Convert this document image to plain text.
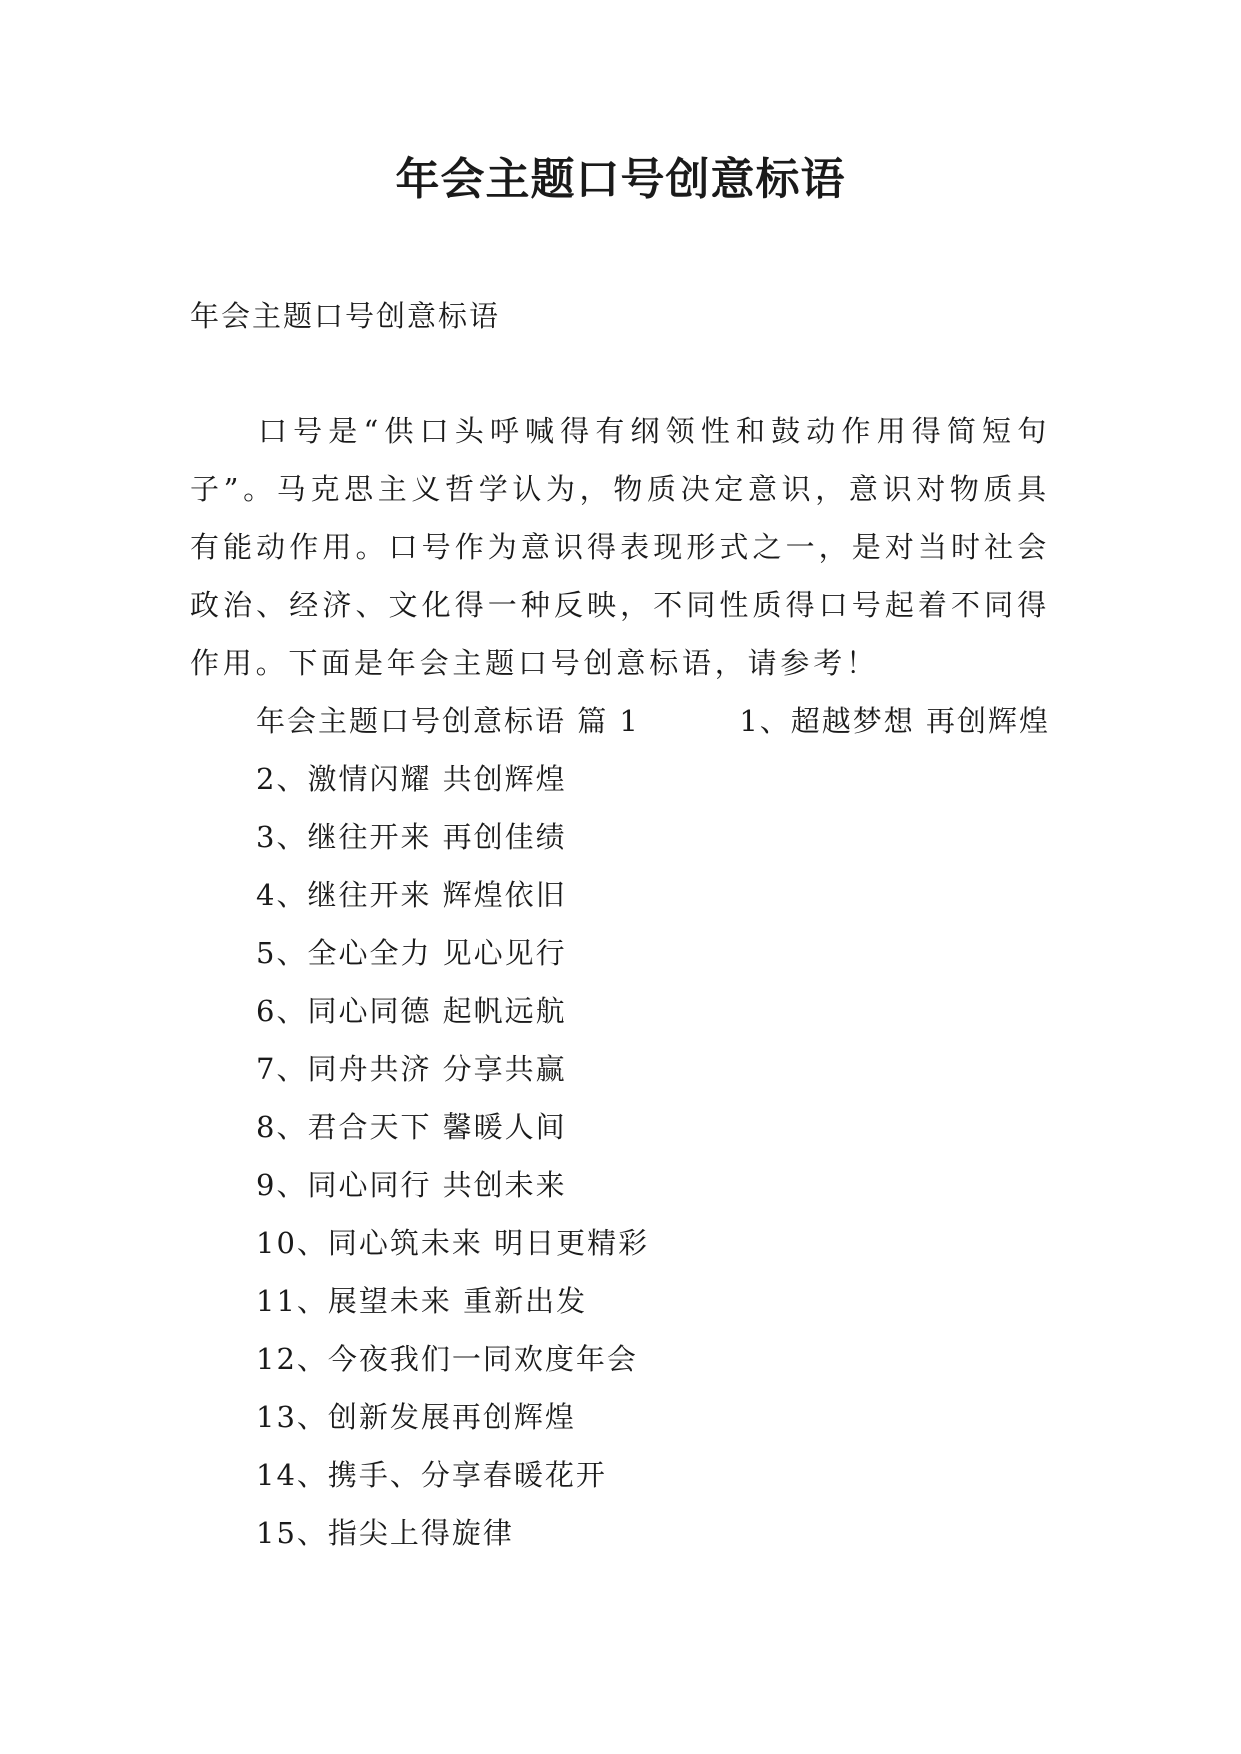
年会主题口号创意标语

年会主题口号创意标语

口号是“供口头呼喊得有纲领性和鼓动作用得简短句子”。马克思主义哲学认为，物质决定意识，意识对物质具有能动作用。口号作为意识得表现形式之一，是对当时社会政治、经济、文化得一种反映，不同性质得口号起着不同得作用。下面是年会主题口号创意标语，请参考！

年会主题口号创意标语 篇 1	1、超越梦想 再创辉煌

2、激情闪耀 共创辉煌
3、继往开来 再创佳绩
4、继往开来 辉煌依旧
5、全心全力 见心见行
6、同心同德 起帆远航
7、同舟共济 分享共赢
8、君合天下 馨暖人间
9、同心同行 共创未来
10、同心筑未来 明日更精彩
11、展望未来 重新出发
12、今夜我们一同欢度年会
13、创新发展再创辉煌
14、携手、分享春暖花开
15、指尖上得旋律
